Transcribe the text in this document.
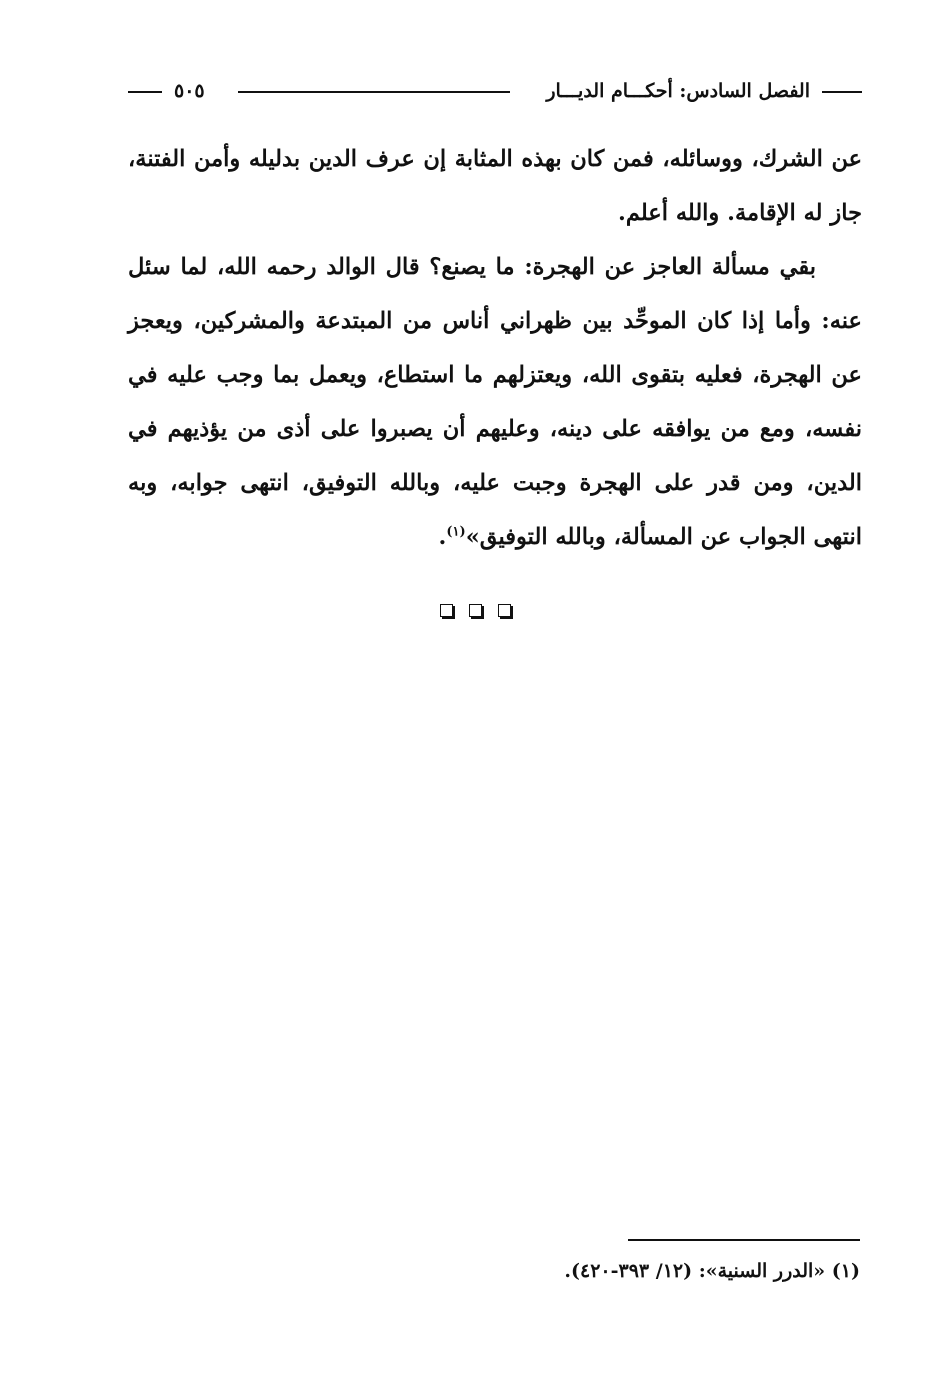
الفصل السادس: أحكـــام الديـــار
٥٠٥

عن الشرك، ووسائله، فمن كان بهذه المثابة إن عرف الدين بدليله وأمن الفتنة، جاز له الإقامة. والله أعلم.

بقي مسألة العاجز عن الهجرة: ما يصنع؟ قال الوالد رحمه الله، لما سئل عنه: وأما إذا كان الموحِّد بين ظهراني أناس من المبتدعة والمشركين، ويعجز عن الهجرة، فعليه بتقوى الله، ويعتزلهم ما استطاع، ويعمل بما وجب عليه في نفسه، ومع من يوافقه على دينه، وعليهم أن يصبروا على أذى من يؤذيهم في الدين، ومن قدر على الهجرة وجبت عليه، وبالله التوفيق، انتهى جوابه، وبه انتهى الجواب عن المسألة، وبالله التوفيق»$^{(١)}$.

(١) «الدرر السنية»: (١٢/ ٣٩٣-٤٢٠).
